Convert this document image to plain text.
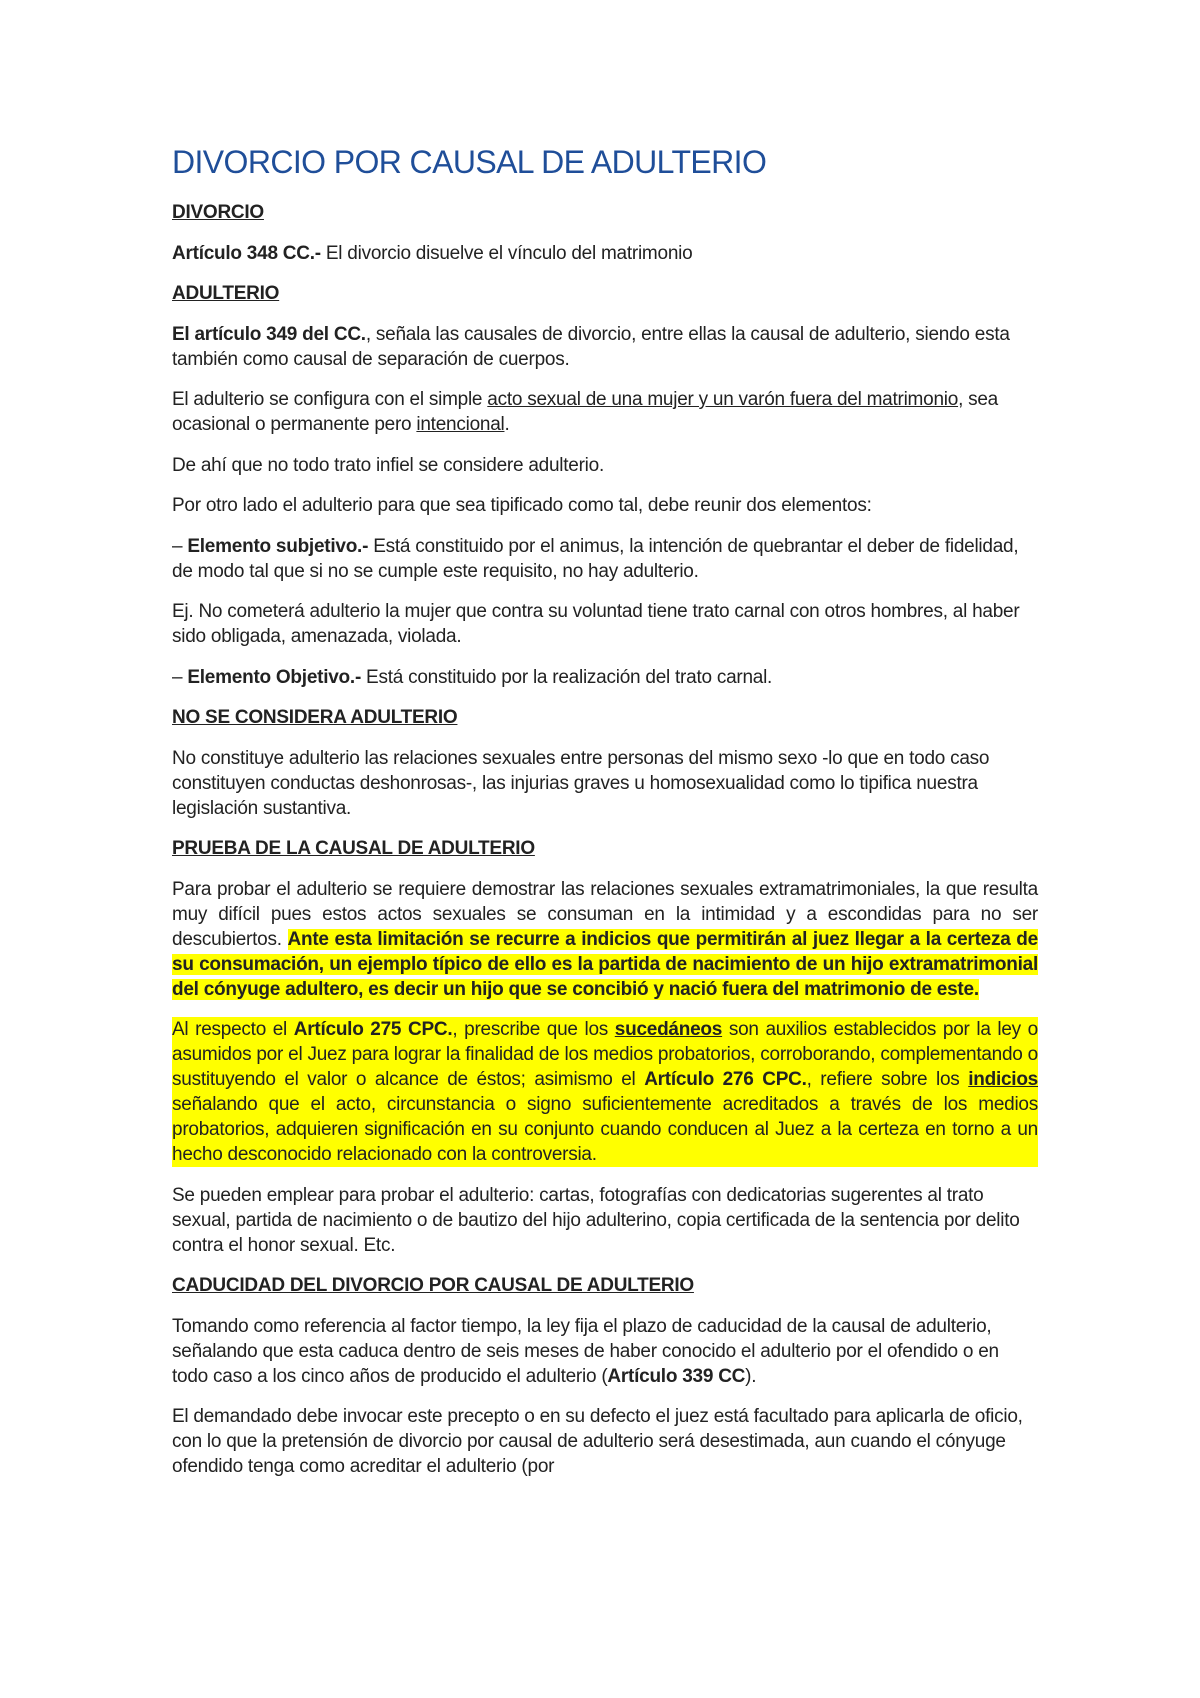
DIVORCIO POR CAUSAL DE ADULTERIO

DIVORCIO

Artículo 348 CC.- El divorcio disuelve el vínculo del matrimonio

ADULTERIO

El artículo 349 del CC., señala las causales de divorcio, entre ellas la causal de adulterio, siendo esta también como causal de separación de cuerpos.

El adulterio se configura con el simple acto sexual de una mujer y un varón fuera del matrimonio, sea ocasional o permanente pero intencional.

De ahí que no todo trato infiel se considere adulterio.

Por otro lado el adulterio para que sea tipificado como tal, debe reunir dos elementos:

– Elemento subjetivo.- Está constituido por el animus, la intención de quebrantar el deber de fidelidad, de modo tal que si no se cumple este requisito, no hay adulterio.

Ej. No cometerá adulterio la mujer que contra su voluntad tiene trato carnal con otros hombres, al haber sido obligada, amenazada, violada.

– Elemento Objetivo.- Está constituido por la realización del trato carnal.

NO SE CONSIDERA ADULTERIO

No constituye adulterio las relaciones sexuales entre personas del mismo sexo -lo que en todo caso constituyen conductas deshonrosas-, las injurias graves u homosexualidad como lo tipifica nuestra legislación sustantiva.

PRUEBA DE LA CAUSAL DE ADULTERIO

Para probar el adulterio se requiere demostrar las relaciones sexuales extramatrimoniales, la que resulta muy difícil pues estos actos sexuales se consuman en la intimidad y a escondidas para no ser descubiertos. Ante esta limitación se recurre a indicios que permitirán al juez llegar a la certeza de su consumación, un ejemplo típico de ello es la partida de nacimiento de un hijo extramatrimonial del cónyuge adultero, es decir un hijo que se concibió y nació fuera del matrimonio de este.

Al respecto el Artículo 275 CPC., prescribe que los sucedáneos son auxilios establecidos por la ley o asumidos por el Juez para lograr la finalidad de los medios probatorios, corroborando, complementando o sustituyendo el valor o alcance de éstos; asimismo el Artículo 276 CPC., refiere sobre los indicios señalando que el acto, circunstancia o signo suficientemente acreditados a través de los medios probatorios, adquieren significación en su conjunto cuando conducen al Juez a la certeza en torno a un hecho desconocido relacionado con la controversia.

Se pueden emplear para probar el adulterio: cartas, fotografías con dedicatorias sugerentes al trato sexual, partida de nacimiento o de bautizo del hijo adulterino, copia certificada de la sentencia por delito contra el honor sexual. Etc.

CADUCIDAD DEL DIVORCIO POR CAUSAL DE ADULTERIO

Tomando como referencia al factor tiempo, la ley fija el plazo de caducidad de la causal de adulterio, señalando que esta caduca dentro de seis meses de haber conocido el adulterio por el ofendido o en todo caso a los cinco años de producido el adulterio (Artículo 339 CC).

El demandado debe invocar este precepto o en su defecto el juez está facultado para aplicarla de oficio, con lo que la pretensión de divorcio por causal de adulterio será desestimada, aun cuando el cónyuge ofendido tenga como acreditar el adulterio (por
